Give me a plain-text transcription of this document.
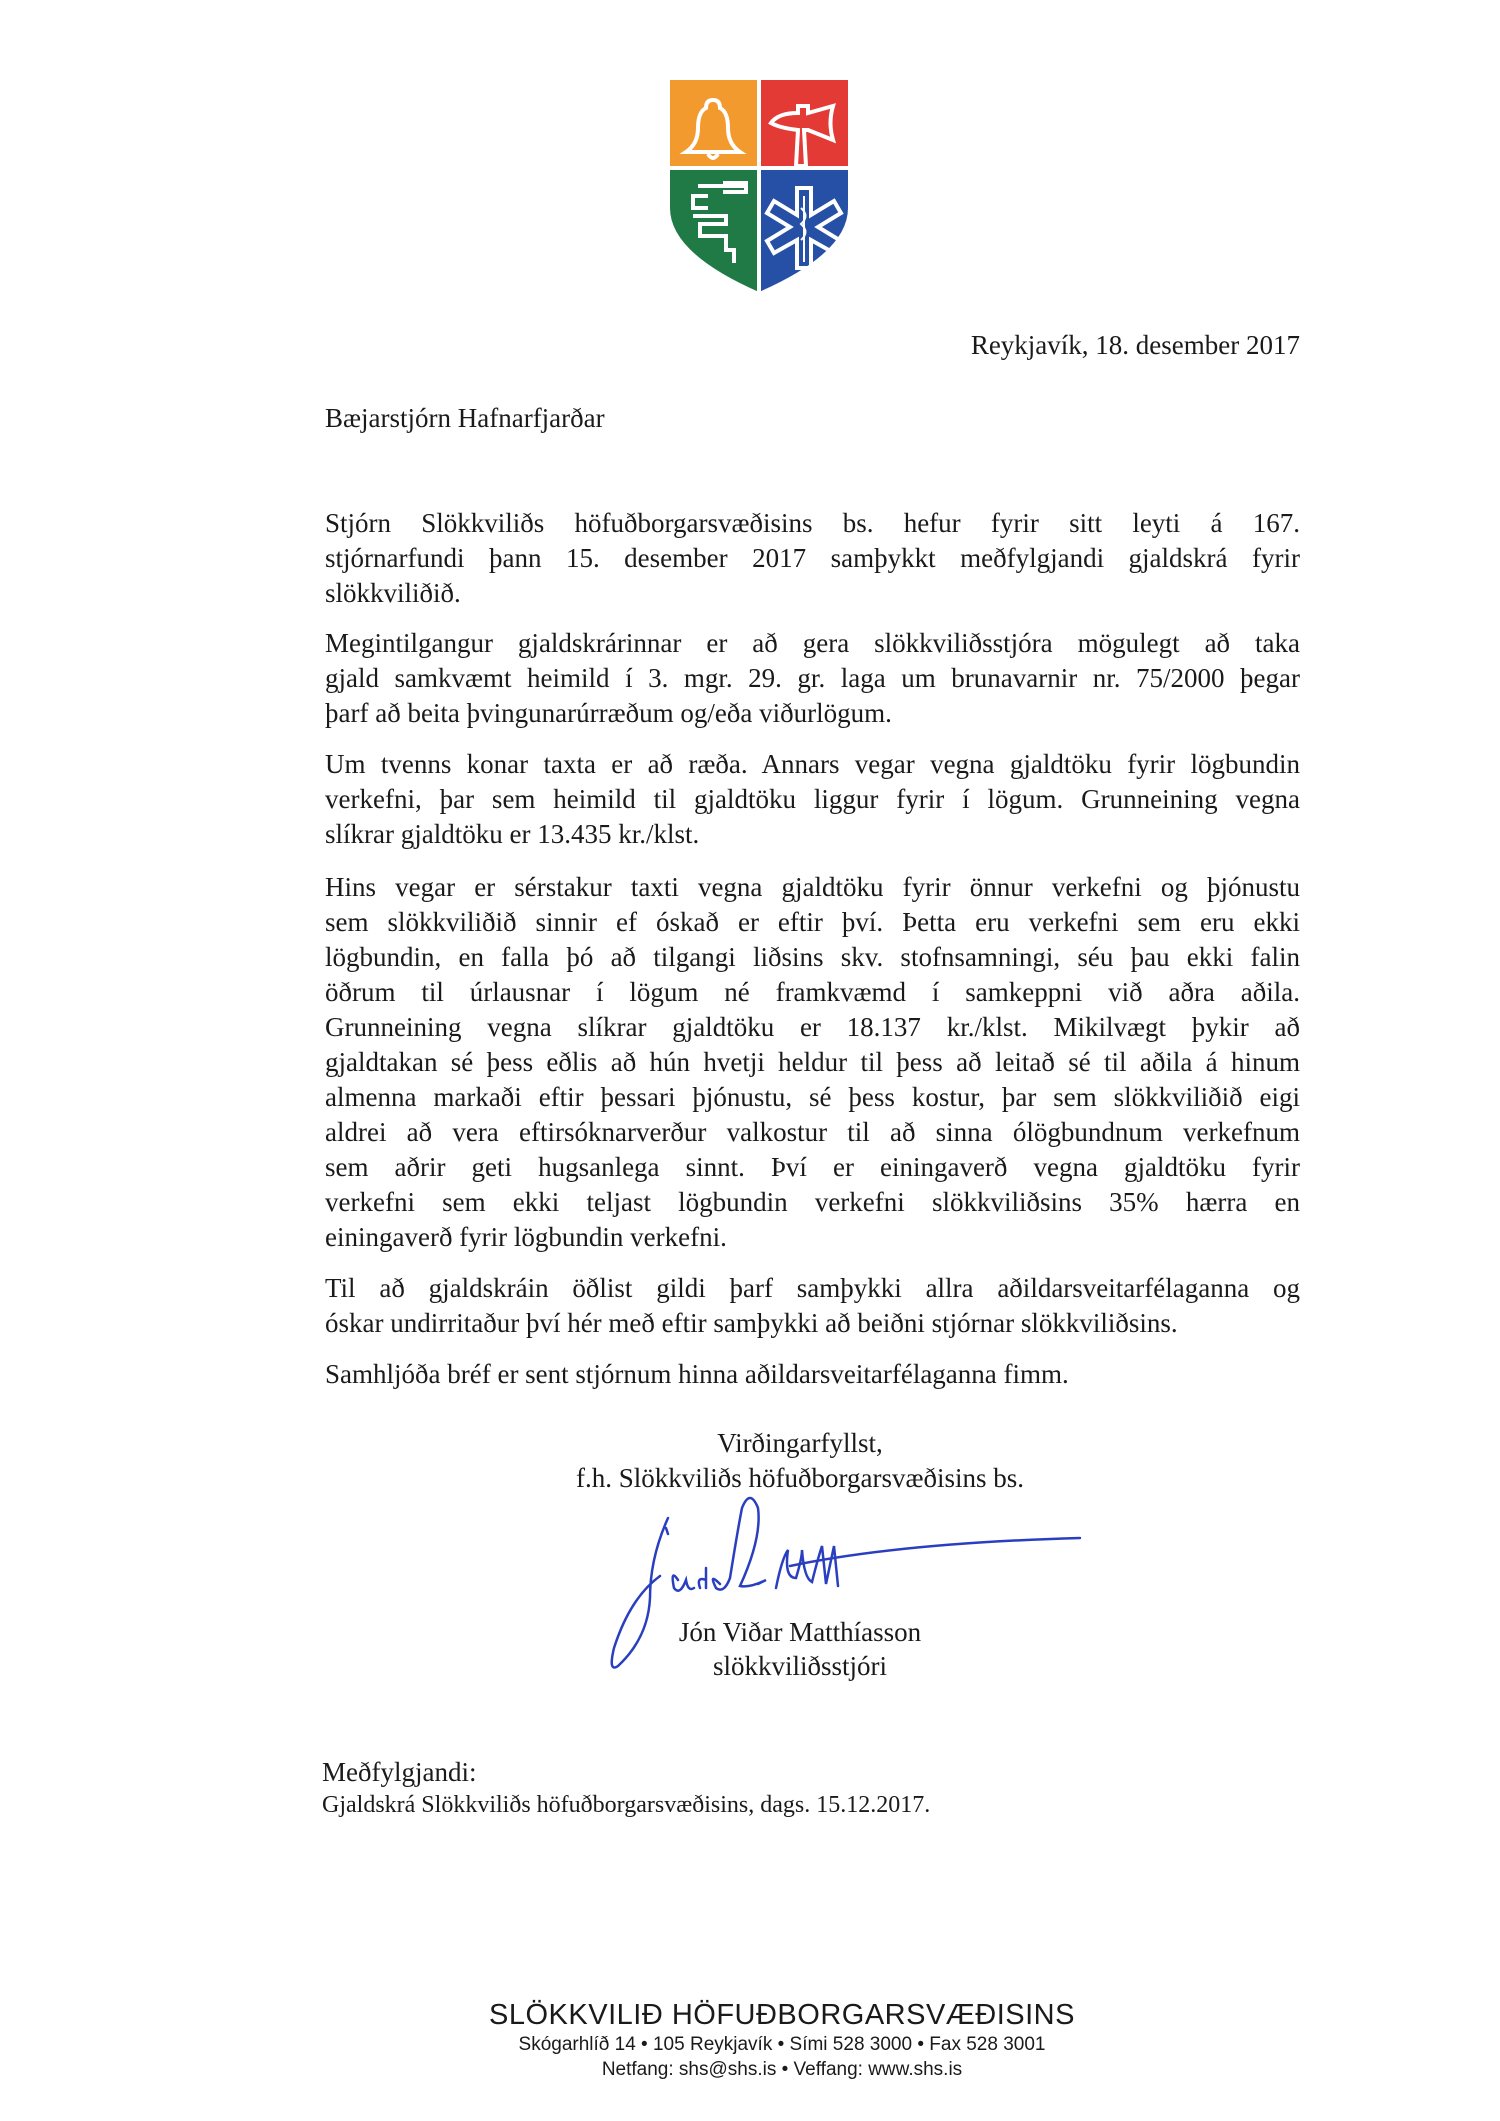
Reykjavík, 18. desember 2017
Bæjarstjórn Hafnarfjarðar
Stjórn Slökkviliðs höfuðborgarsvæðisins bs. hefur fyrir sitt leyti á 167.
stjórnarfundi þann 15. desember 2017 samþykkt meðfylgjandi gjaldskrá fyrir
slökkviliðið.
Megintilgangur gjaldskrárinnar er að gera slökkviliðsstjóra mögulegt að taka
gjald samkvæmt heimild í 3. mgr. 29. gr. laga um brunavarnir nr. 75/2000 þegar
þarf að beita þvingunarúrræðum og/eða viðurlögum.
Um tvenns konar taxta er að ræða. Annars vegar vegna gjaldtöku fyrir lögbundin
verkefni, þar sem heimild til gjaldtöku liggur fyrir í lögum. Grunneining vegna
slíkrar gjaldtöku er 13.435 kr./klst.
Hins vegar er sérstakur taxti vegna gjaldtöku fyrir önnur verkefni og þjónustu
sem slökkviliðið sinnir ef óskað er eftir því. Þetta eru verkefni sem eru ekki
lögbundin, en falla þó að tilgangi liðsins skv. stofnsamningi, séu þau ekki falin
öðrum til úrlausnar í lögum né framkvæmd í samkeppni við aðra aðila.
Grunneining vegna slíkrar gjaldtöku er 18.137 kr./klst. Mikilvægt þykir að
gjaldtakan sé þess eðlis að hún hvetji heldur til þess að leitað sé til aðila á hinum
almenna markaði eftir þessari þjónustu, sé þess kostur, þar sem slökkviliðið eigi
aldrei að vera eftirsóknarverður valkostur til að sinna ólögbundnum verkefnum
sem aðrir geti hugsanlega sinnt. Því er einingaverð vegna gjaldtöku fyrir
verkefni sem ekki teljast lögbundin verkefni slökkviliðsins 35% hærra en
einingaverð fyrir lögbundin verkefni.
Til að gjaldskráin öðlist gildi þarf samþykki allra aðildarsveitarfélaganna og
óskar undirritaður því hér með eftir samþykki að beiðni stjórnar slökkviliðsins.
Samhljóða bréf er sent stjórnum hinna aðildarsveitarfélaganna fimm.
Virðingarfyllst,
f.h. Slökkviliðs höfuðborgarsvæðisins bs.
Jón Viðar Matthíasson
slökkviliðsstjóri
Meðfylgjandi:
Gjaldskrá Slökkviliðs höfuðborgarsvæðisins, dags. 15.12.2017.
SLÖKKVILIÐ HÖFUÐBORGARSVÆÐISINS
Skógarhlíð 14 • 105 Reykjavík • Sími 528 3000 • Fax 528 3001
Netfang: shs@shs.is • Veffang: www.shs.is
